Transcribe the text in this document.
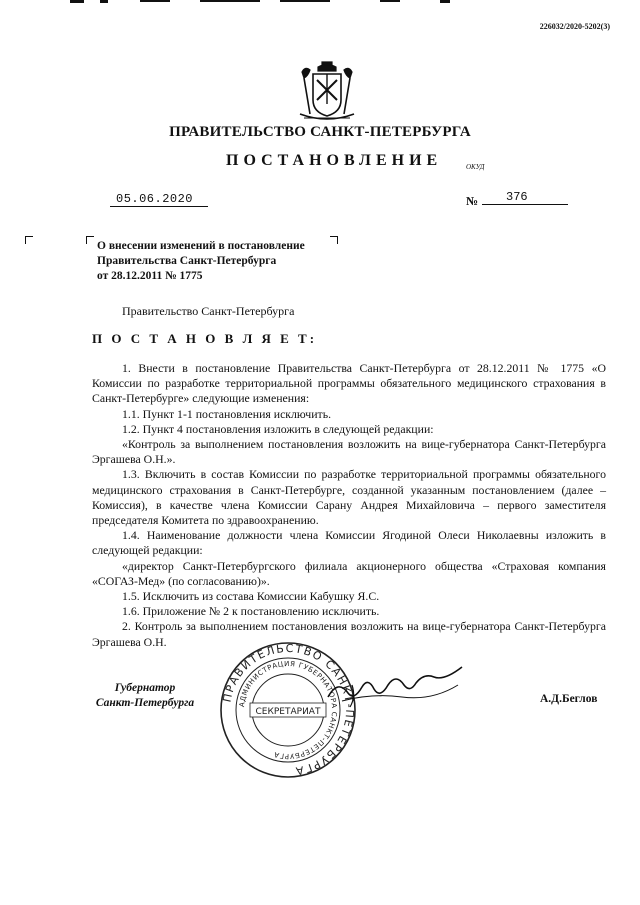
226032/2020-5202(3)
ПРАВИТЕЛЬСТВО САНКТ-ПЕТЕРБУРГА
ПОСТАНОВЛЕНИЕ	ОКУД
05.06.2020	№	376
О внесении изменений в постановление
Правительства Санкт-Петербурга
от 28.12.2011 № 1775
Правительство Санкт-Петербурга
П О С Т А Н О В Л Я Е Т:

1. Внести в постановление Правительства Санкт-Петербурга от 28.12.2011 № 1775 «О Комиссии по разработке территориальной программы обязательного медицинского страхования в Санкт-Петербурге» следующие изменения:

1.1. Пункт 1-1 постановления исключить.

1.2. Пункт 4 постановления изложить в следующей редакции:

«Контроль за выполнением постановления возложить на вице-губернатора Санкт-Петербурга Эргашева О.Н.».

1.3. Включить в состав Комиссии по разработке территориальной программы обязательного медицинского страхования в Санкт-Петербурге, созданной указанным постановлением (далее – Комиссия), в качестве члена Комиссии Сарану Андрея Михайловича – первого заместителя председателя Комитета по здравоохранению.

1.4. Наименование должности члена Комиссии Ягодиной Олеси Николаевны изложить в следующей редакции:

«директор Санкт-Петербургского филиала акционерного общества «Страховая компания «СОГАЗ-Мед» (по согласованию)».

1.5. Исключить из состава Комиссии Кабушку Я.С.

1.6. Приложение № 2 к постановлению исключить.

2. Контроль за выполнением постановления возложить на вице-губернатора Санкт-Петербурга Эргашева О.Н.

Губернатор
Санкт-Петербурга	ПРАВИТЕЛЬСТВО САНКТ-ПЕТЕРБУРГА
АДМИНИСТРАЦИЯ ГУБЕРНАТОРА САНКТ-ПЕТЕРБУРГА
СЕКРЕТАРИАТ
А.Д.Беглов
